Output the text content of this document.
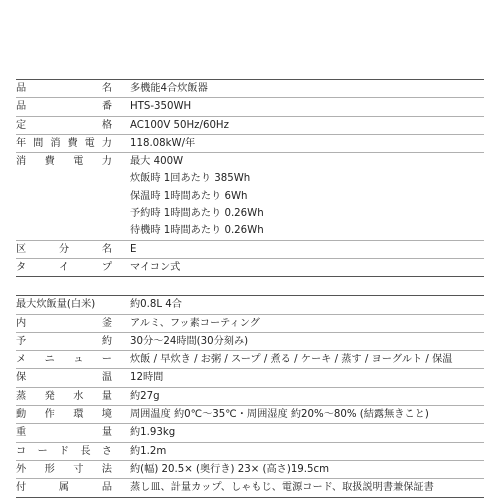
品	名	多機能4合炊飯器
品	番	HTS-350WH
定	格	AC100V 50Hz/60Hz
年 間 消 費 電 力	118.08kW/年
消 費 電 力	最大 400W
炊飯時 1回あたり 385Wh
保温時 1時間あたり 6Wh
予約時 1時間あたり 0.26Wh
待機時 1時間あたり 0.26Wh
区	分	名	E
タ	イ	プ	マイコン式
最大炊飯量(白米)	約0.8L 4合
内	釜	アルミ、フッ素コーティング
予	約	30分～24時間(30分刻み)
メ ニ ュ ー	炊飯 / 早炊き / お粥 / スープ / 煮る / ケーキ / 蒸す / ヨーグルト / 保温
保	温	12時間
蒸 発 水 量	約27g
動 作 環 境	周囲温度 約0℃～35℃・周囲湿度 約20%～80% (結露無きこと)
重	量	約1.93kg
コ ー ド 長 さ	約1.2m
外 形 寸 法	約(幅) 20.5× (奥行き) 23× (高さ)19.5cm
付	属	品	蒸し皿、計量カップ、しゃもじ、電源コード、取扱説明書兼保証書
